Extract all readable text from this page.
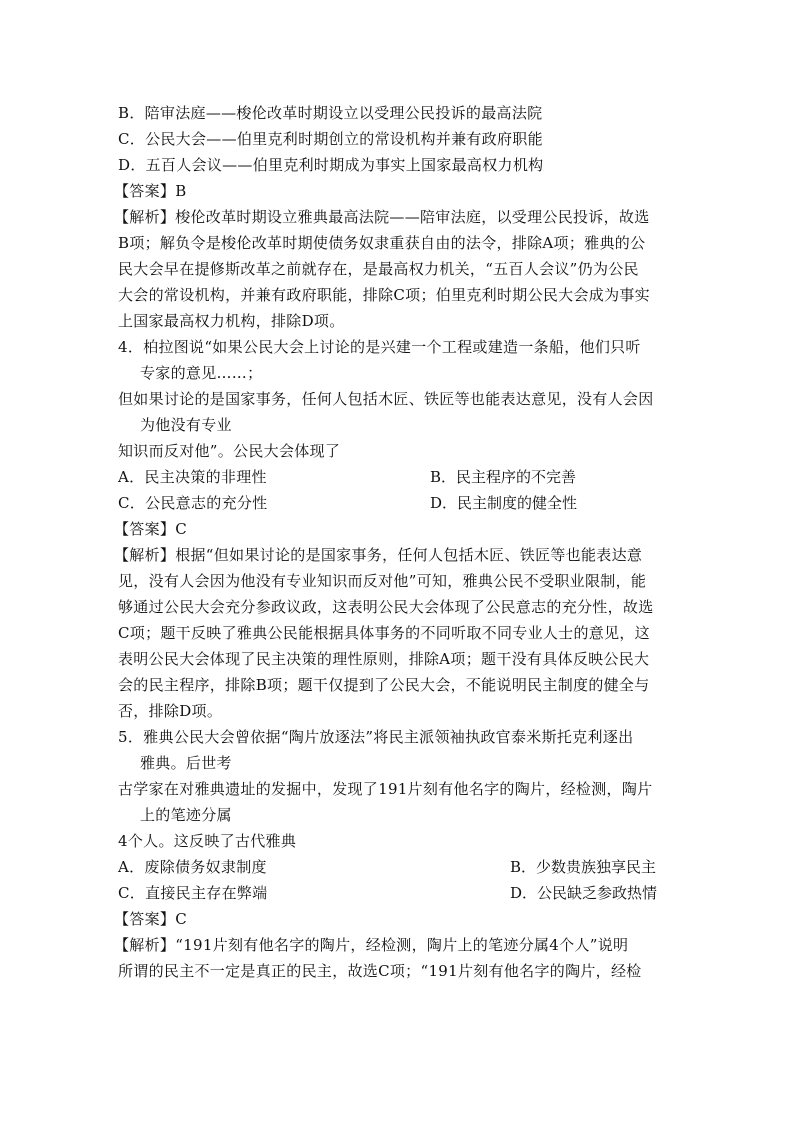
B．陪审法庭——梭伦改革时期设立以受理公民投诉的最高法院
C．公民大会——伯里克利时期创立的常设机构并兼有政府职能
D．五百人会议——伯里克利时期成为事实上国家最高权力机构
【答案】B
【解析】梭伦改革时期设立雅典最高法院——陪审法庭，以受理公民投诉，故选
B项；解负令是梭伦改革时期使债务奴隶重获自由的法令，排除A项；雅典的公
民大会早在提修斯改革之前就存在，是最高权力机关，“五百人会议”仍为公民
大会的常设机构，并兼有政府职能，排除C项；伯里克利时期公民大会成为事实
上国家最高权力机构，排除D项。
4．柏拉图说“如果公民大会上讨论的是兴建一个工程或建造一条船，他们只听
专家的意见……；
但如果讨论的是国家事务，任何人包括木匠、铁匠等也能表达意见，没有人会因
为他没有专业
知识而反对他”。公民大会体现了
A．民主决策的非理性	B．民主程序的不完善
C．公民意志的充分性	D．民主制度的健全性
【答案】C
【解析】根据“但如果讨论的是国家事务，任何人包括木匠、铁匠等也能表达意
见，没有人会因为他没有专业知识而反对他”可知，雅典公民不受职业限制，能
够通过公民大会充分参政议政，这表明公民大会体现了公民意志的充分性，故选
C项；题干反映了雅典公民能根据具体事务的不同听取不同专业人士的意见，这
表明公民大会体现了民主决策的理性原则，排除A项；题干没有具体反映公民大
会的民主程序，排除B项；题干仅提到了公民大会，不能说明民主制度的健全与
否，排除D项。
5．雅典公民大会曾依据“陶片放逐法”将民主派领袖执政官泰米斯托克利逐出
雅典。后世考
古学家在对雅典遗址的发掘中，发现了191片刻有他名字的陶片，经检测，陶片
上的笔迹分属
4个人。这反映了古代雅典
A．废除债务奴隶制度	B．少数贵族独享民主
C．直接民主存在弊端	D．公民缺乏参政热情
【答案】C
【解析】“191片刻有他名字的陶片，经检测，陶片上的笔迹分属4个人”说明
所谓的民主不一定是真正的民主，故选C项；“191片刻有他名字的陶片，经检
